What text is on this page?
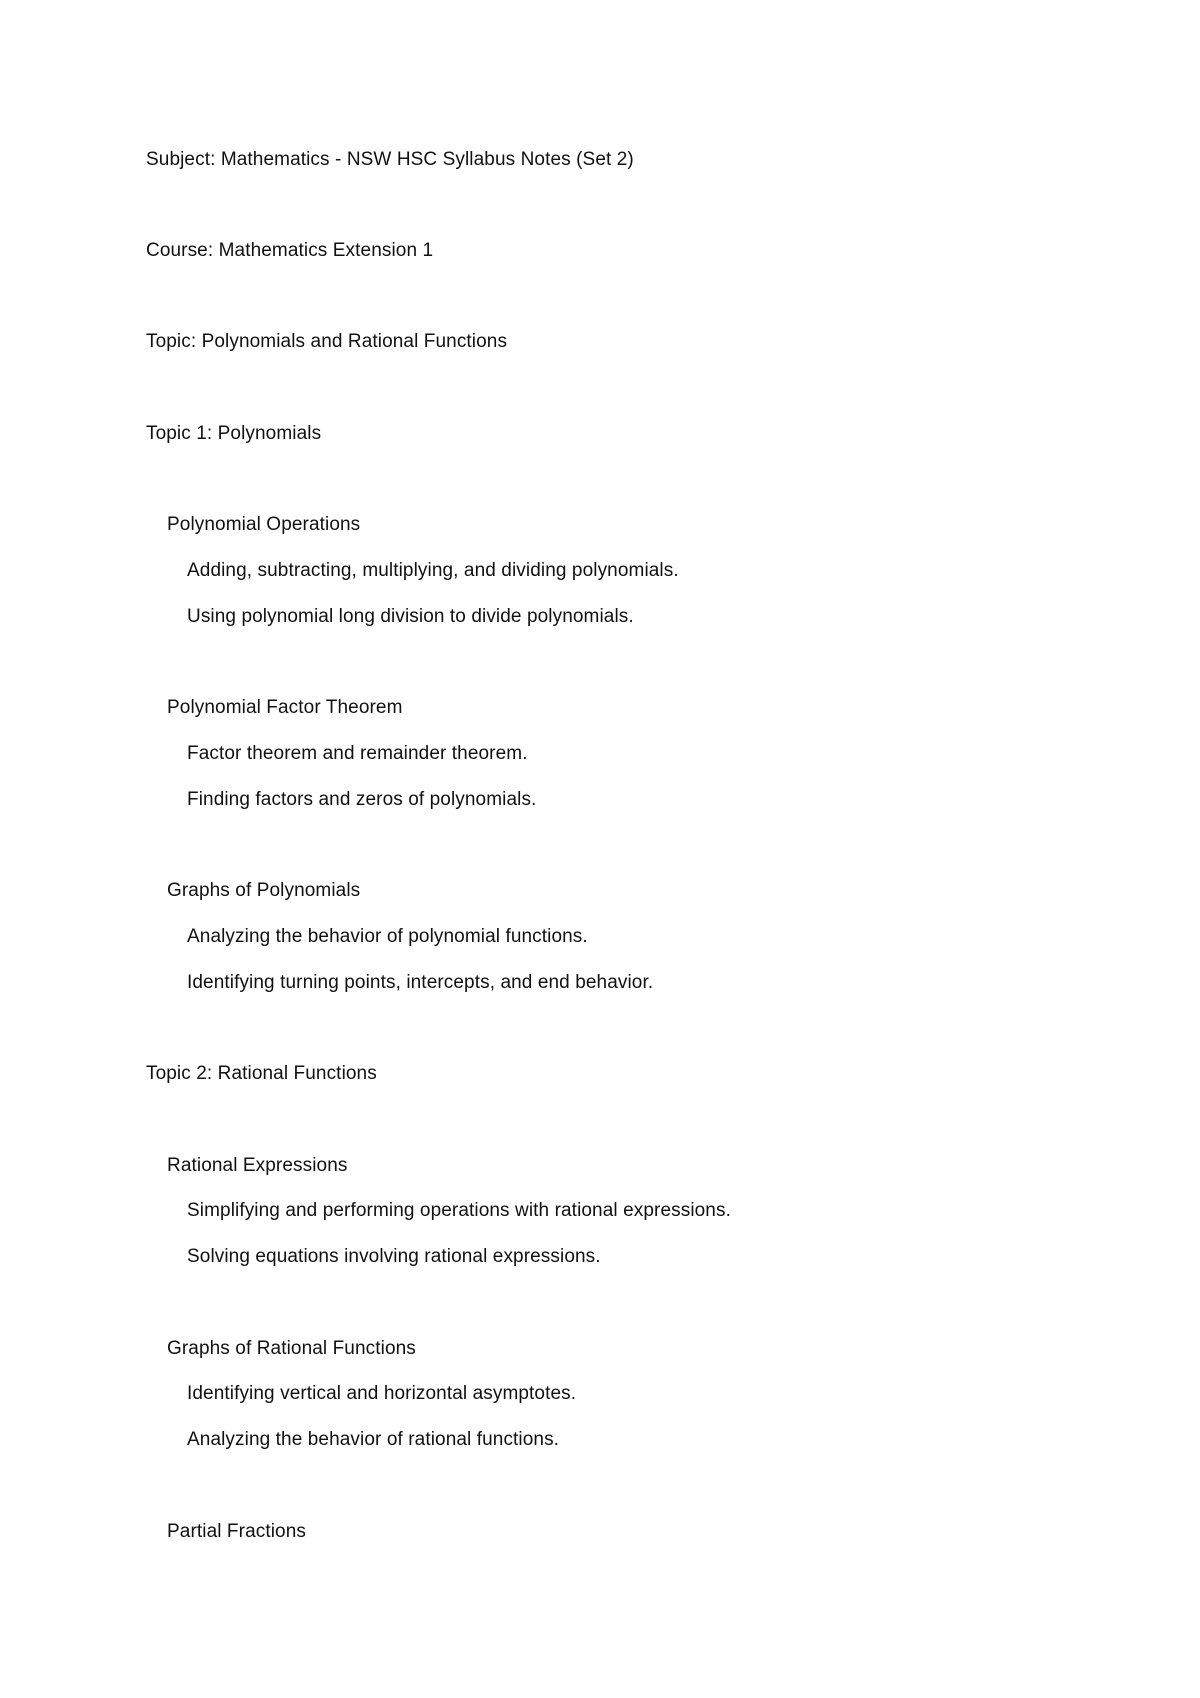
Subject: Mathematics - NSW HSC Syllabus Notes (Set 2)
Course: Mathematics Extension 1
Topic: Polynomials and Rational Functions
Topic 1: Polynomials
Polynomial Operations
Adding, subtracting, multiplying, and dividing polynomials.
Using polynomial long division to divide polynomials.
Polynomial Factor Theorem
Factor theorem and remainder theorem.
Finding factors and zeros of polynomials.
Graphs of Polynomials
Analyzing the behavior of polynomial functions.
Identifying turning points, intercepts, and end behavior.
Topic 2: Rational Functions
Rational Expressions
Simplifying and performing operations with rational expressions.
Solving equations involving rational expressions.
Graphs of Rational Functions
Identifying vertical and horizontal asymptotes.
Analyzing the behavior of rational functions.
Partial Fractions
